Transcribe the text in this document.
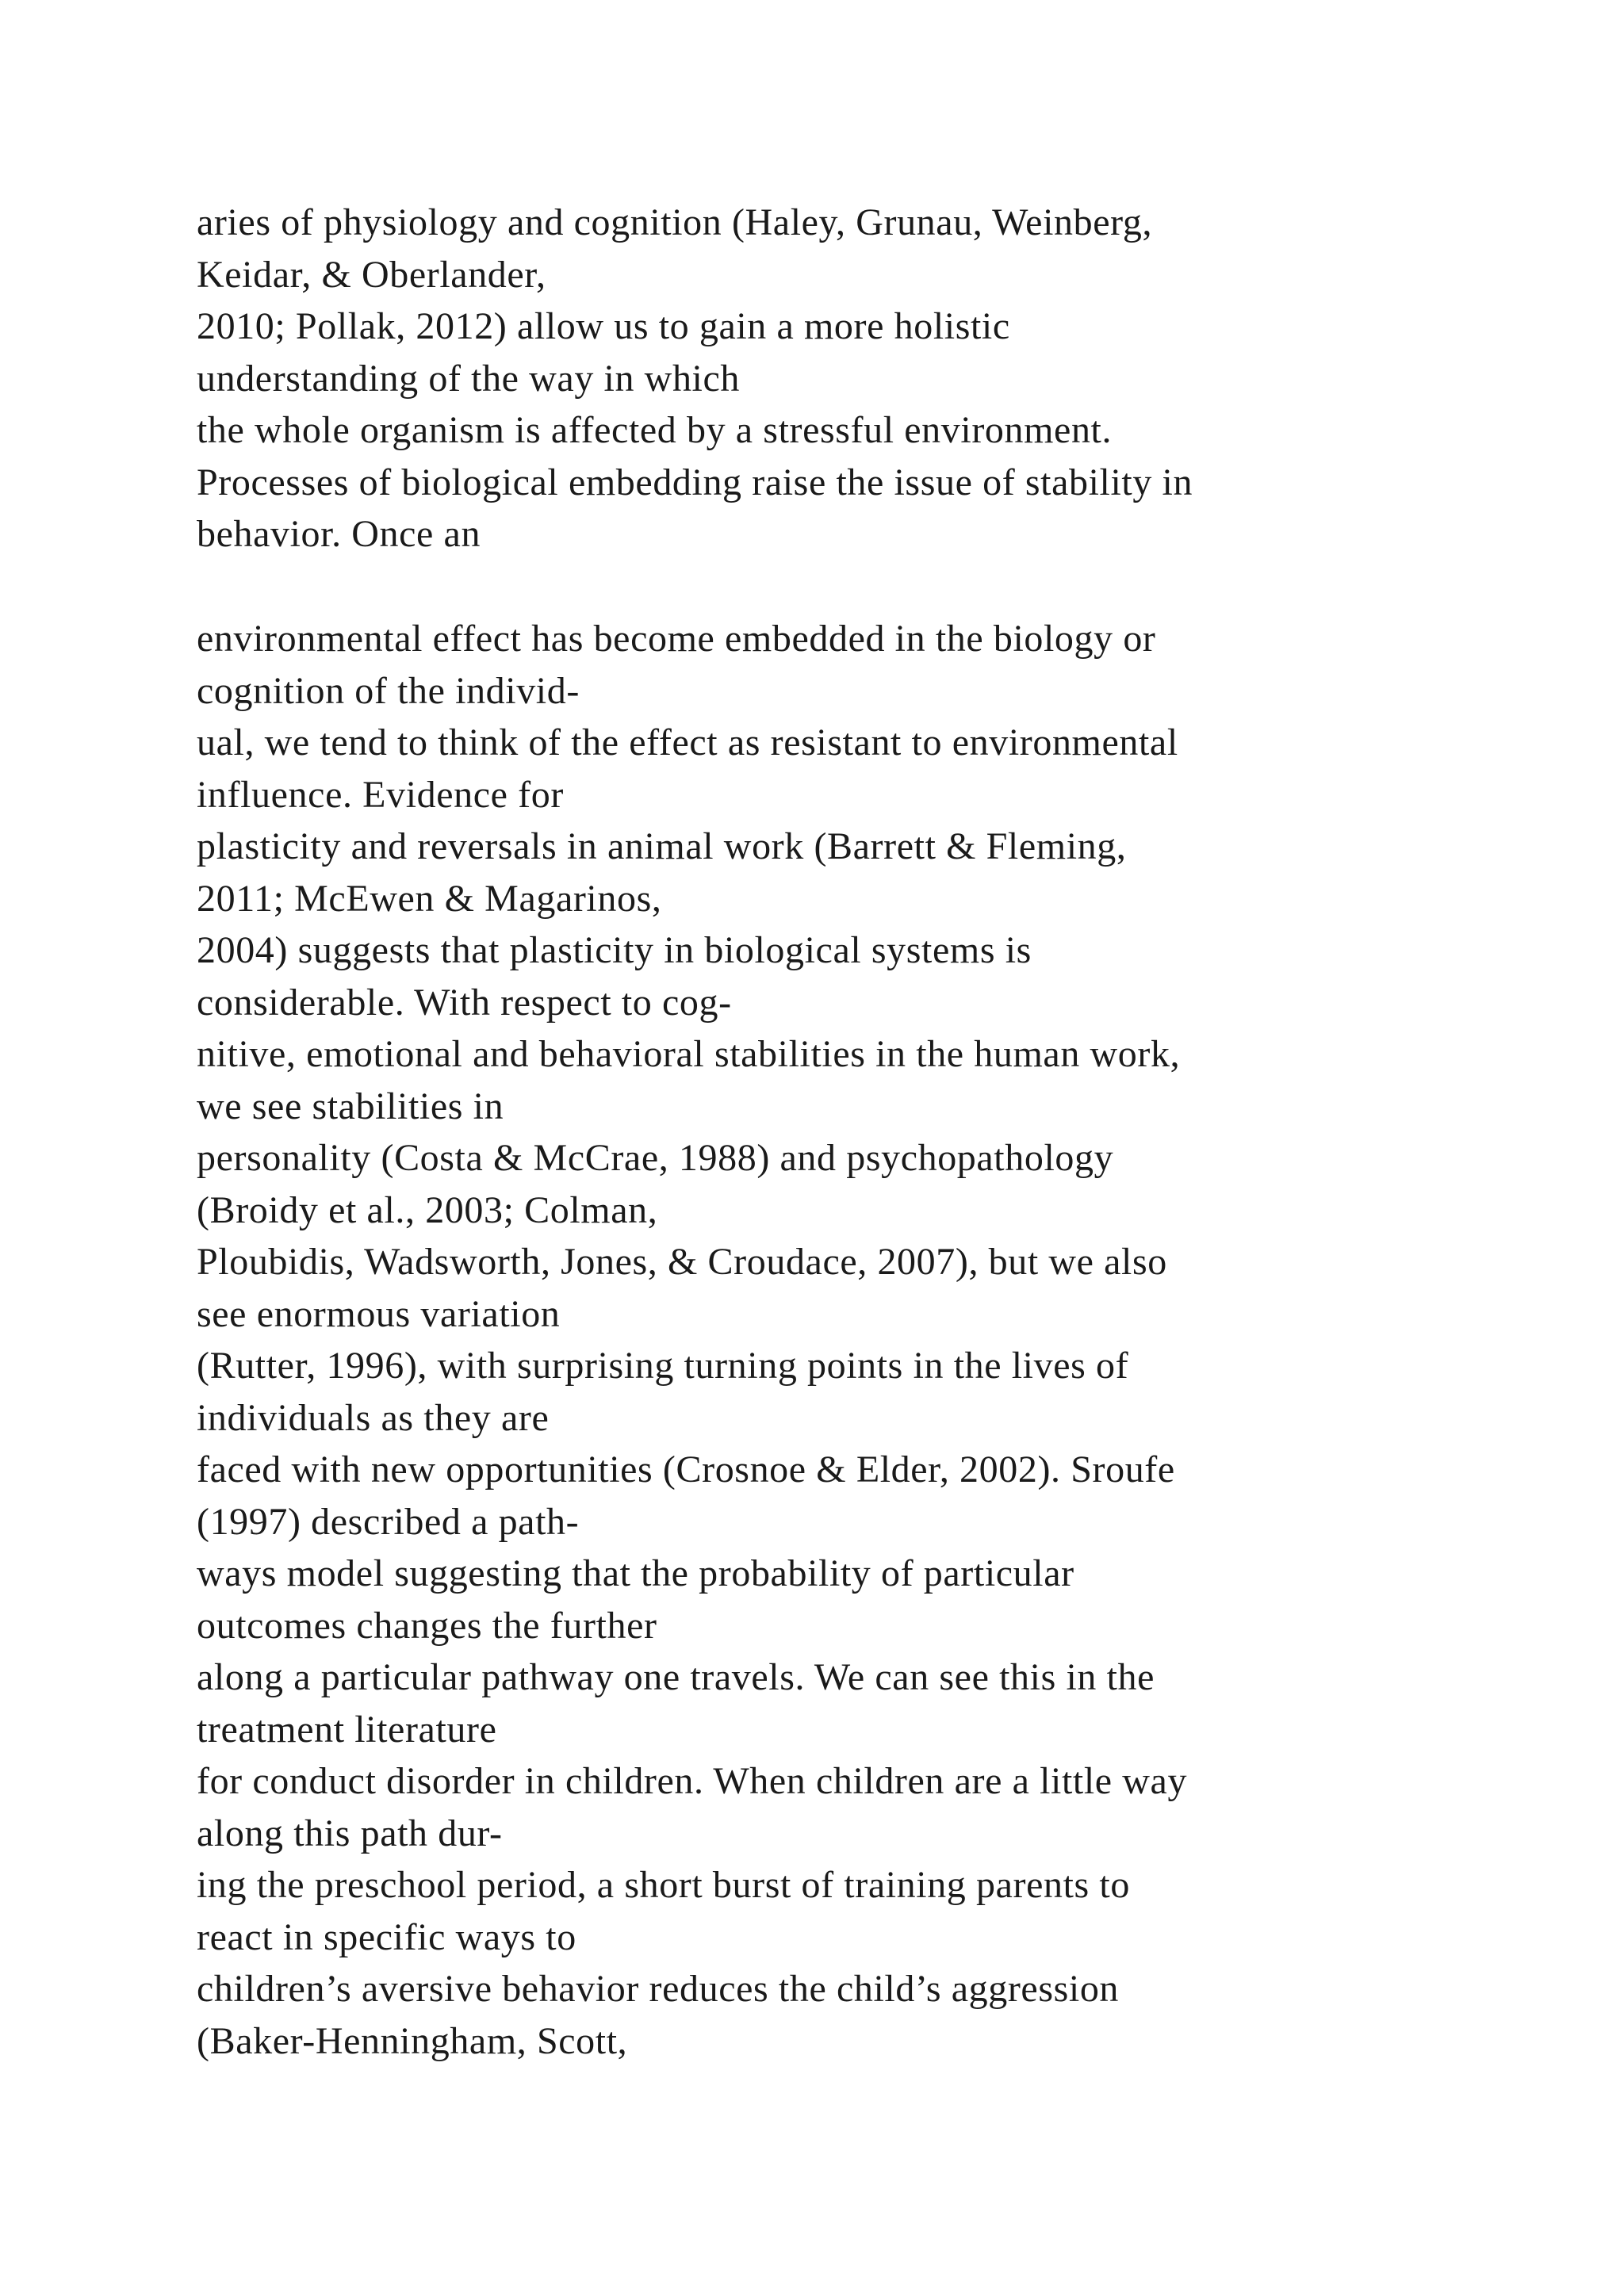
aries of physiology and cognition (Haley, Grunau, Weinberg,
Keidar, & Oberlander,
2010; Pollak, 2012) allow us to gain a more holistic
understanding of the way in which
the whole organism is affected by a stressful environment.
Processes of biological embedding raise the issue of stability in
behavior. Once an
environmental effect has become embedded in the biology or
cognition of the individ-
ual, we tend to think of the effect as resistant to environmental
influence. Evidence for
plasticity and reversals in animal work (Barrett & Fleming,
2011; McEwen & Magarinos,
2004) suggests that plasticity in biological systems is
considerable. With respect to cog-
nitive, emotional and behavioral stabilities in the human work,
we see stabilities in
personality (Costa & McCrae, 1988) and psychopathology
(Broidy et al., 2003; Colman,
Ploubidis, Wadsworth, Jones, & Croudace, 2007), but we also
see enormous variation
(Rutter, 1996), with surprising turning points in the lives of
individuals as they are
faced with new opportunities (Crosnoe & Elder, 2002). Sroufe
(1997) described a path-
ways model suggesting that the probability of particular
outcomes changes the further
along a particular pathway one travels. We can see this in the
treatment literature
for conduct disorder in children. When children are a little way
along this path dur-
ing the preschool period, a short burst of training parents to
react in specific ways to
children’s aversive behavior reduces the child’s aggression
(Baker-Henningham, Scott,
